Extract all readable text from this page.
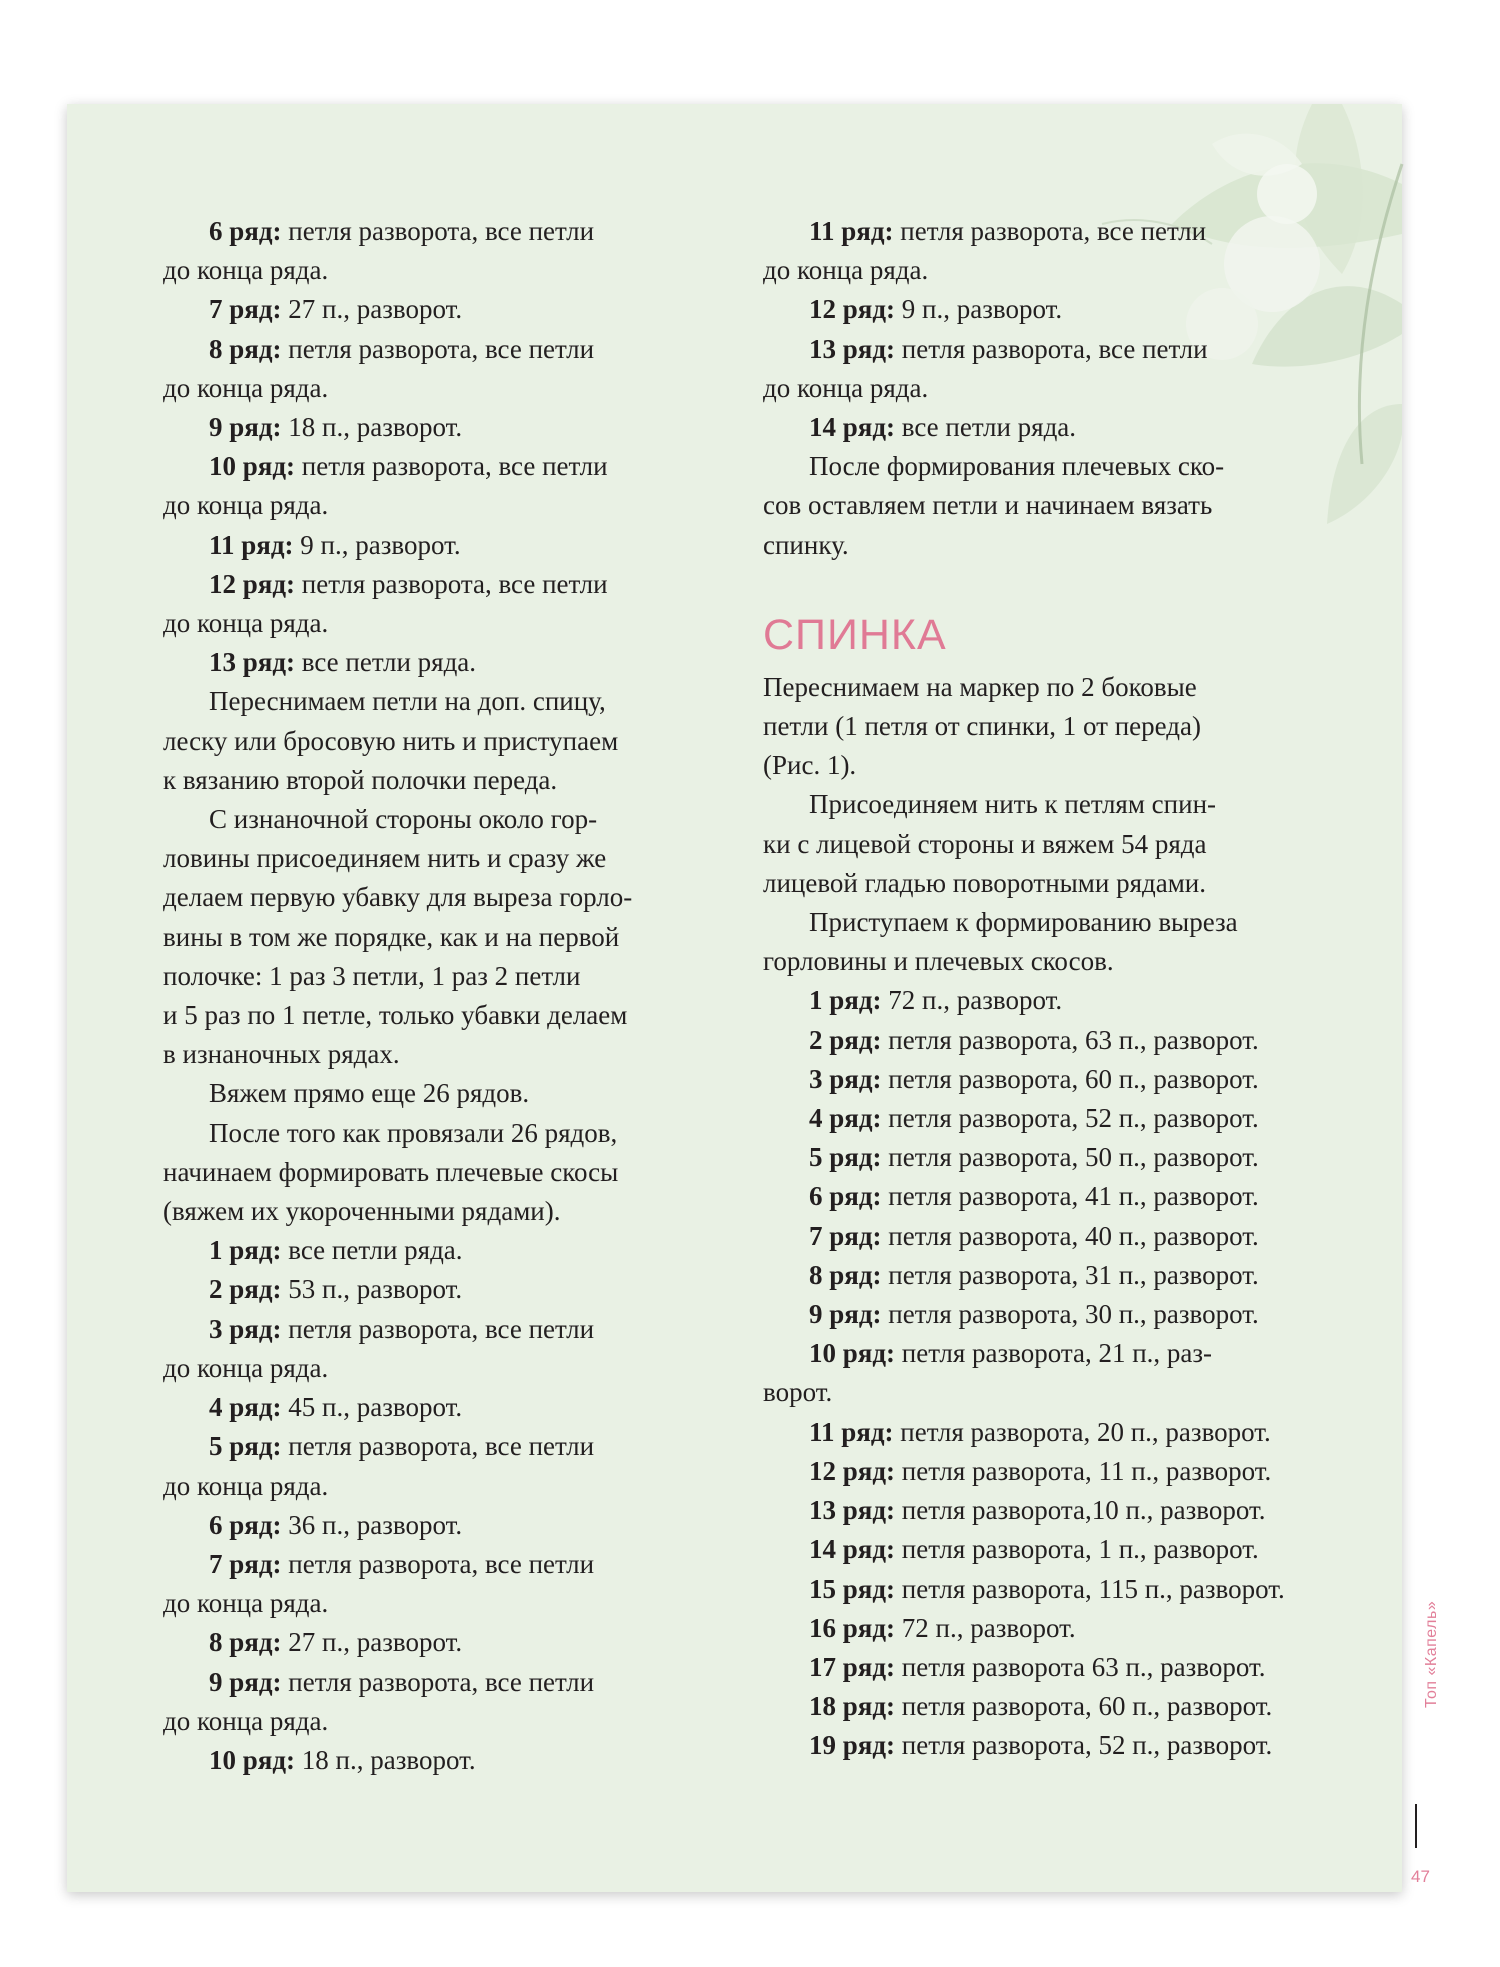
6 ряд: петля разворота, все петли
до конца ряда.
7 ряд: 27 п., разворот.
8 ряд: петля разворота, все петли
до конца ряда.
9 ряд: 18 п., разворот.
10 ряд: петля разворота, все петли
до конца ряда.
11 ряд: 9 п., разворот.
12 ряд: петля разворота, все петли
до конца ряда.
13 ряд: все петли ряда.
Переснимаем петли на доп. спицу,
леску или бросовую нить и приступаем
к вязанию второй полочки переда.
С изнаночной стороны около гор-
ловины присоединяем нить и сразу же
делаем первую убавку для выреза горло-
вины в том же порядке, как и на первой
полочке: 1 раз 3 петли, 1 раз 2 петли
и 5 раз по 1 петле, только убавки делаем
в изнаночных рядах.
Вяжем прямо еще 26 рядов.
После того как провязали 26 рядов,
начинаем формировать плечевые скосы
(вяжем их укороченными рядами).
1 ряд: все петли ряда.
2 ряд: 53 п., разворот.
3 ряд: петля разворота, все петли
до конца ряда.
4 ряд: 45 п., разворот.
5 ряд: петля разворота, все петли
до конца ряда.
6 ряд: 36 п., разворот.
7 ряд: петля разворота, все петли
до конца ряда.
8 ряд: 27 п., разворот.
9 ряд: петля разворота, все петли
до конца ряда.
10 ряд: 18 п., разворот.
11 ряд: петля разворота, все петли
до конца ряда.
12 ряд: 9 п., разворот.
13 ряд: петля разворота, все петли
до конца ряда.
14 ряд: все петли ряда.
После формирования плечевых ско-
сов оставляем петли и начинаем вязать
спинку.
СПИНКА
Переснимаем на маркер по 2 боковые
петли (1 петля от спинки, 1 от переда)
(Рис. 1).
Присоединяем нить к петлям спин-
ки с лицевой стороны и вяжем 54 ряда
лицевой гладью поворотными рядами.
Приступаем к формированию выреза
горловины и плечевых скосов.
1 ряд: 72 п., разворот.
2 ряд: петля разворота, 63 п., разворот.
3 ряд: петля разворота, 60 п., разворот.
4 ряд: петля разворота, 52 п., разворот.
5 ряд: петля разворота, 50 п., разворот.
6 ряд: петля разворота, 41 п., разворот.
7 ряд: петля разворота, 40 п., разворот.
8 ряд: петля разворота, 31 п., разворот.
9 ряд: петля разворота, 30 п., разворот.
10 ряд: петля разворота, 21 п., раз-
ворот.
11 ряд: петля разворота, 20 п., разворот.
12 ряд: петля разворота, 11 п., разворот.
13 ряд: петля разворота,10 п., разворот.
14 ряд: петля разворота, 1 п., разворот.
15 ряд: петля разворота, 115 п., разворот.
16 ряд: 72 п., разворот.
17 ряд: петля разворота 63 п., разворот.
18 ряд: петля разворота, 60 п., разворот.
19 ряд: петля разворота, 52 п., разворот.
Топ «Капель»
47
